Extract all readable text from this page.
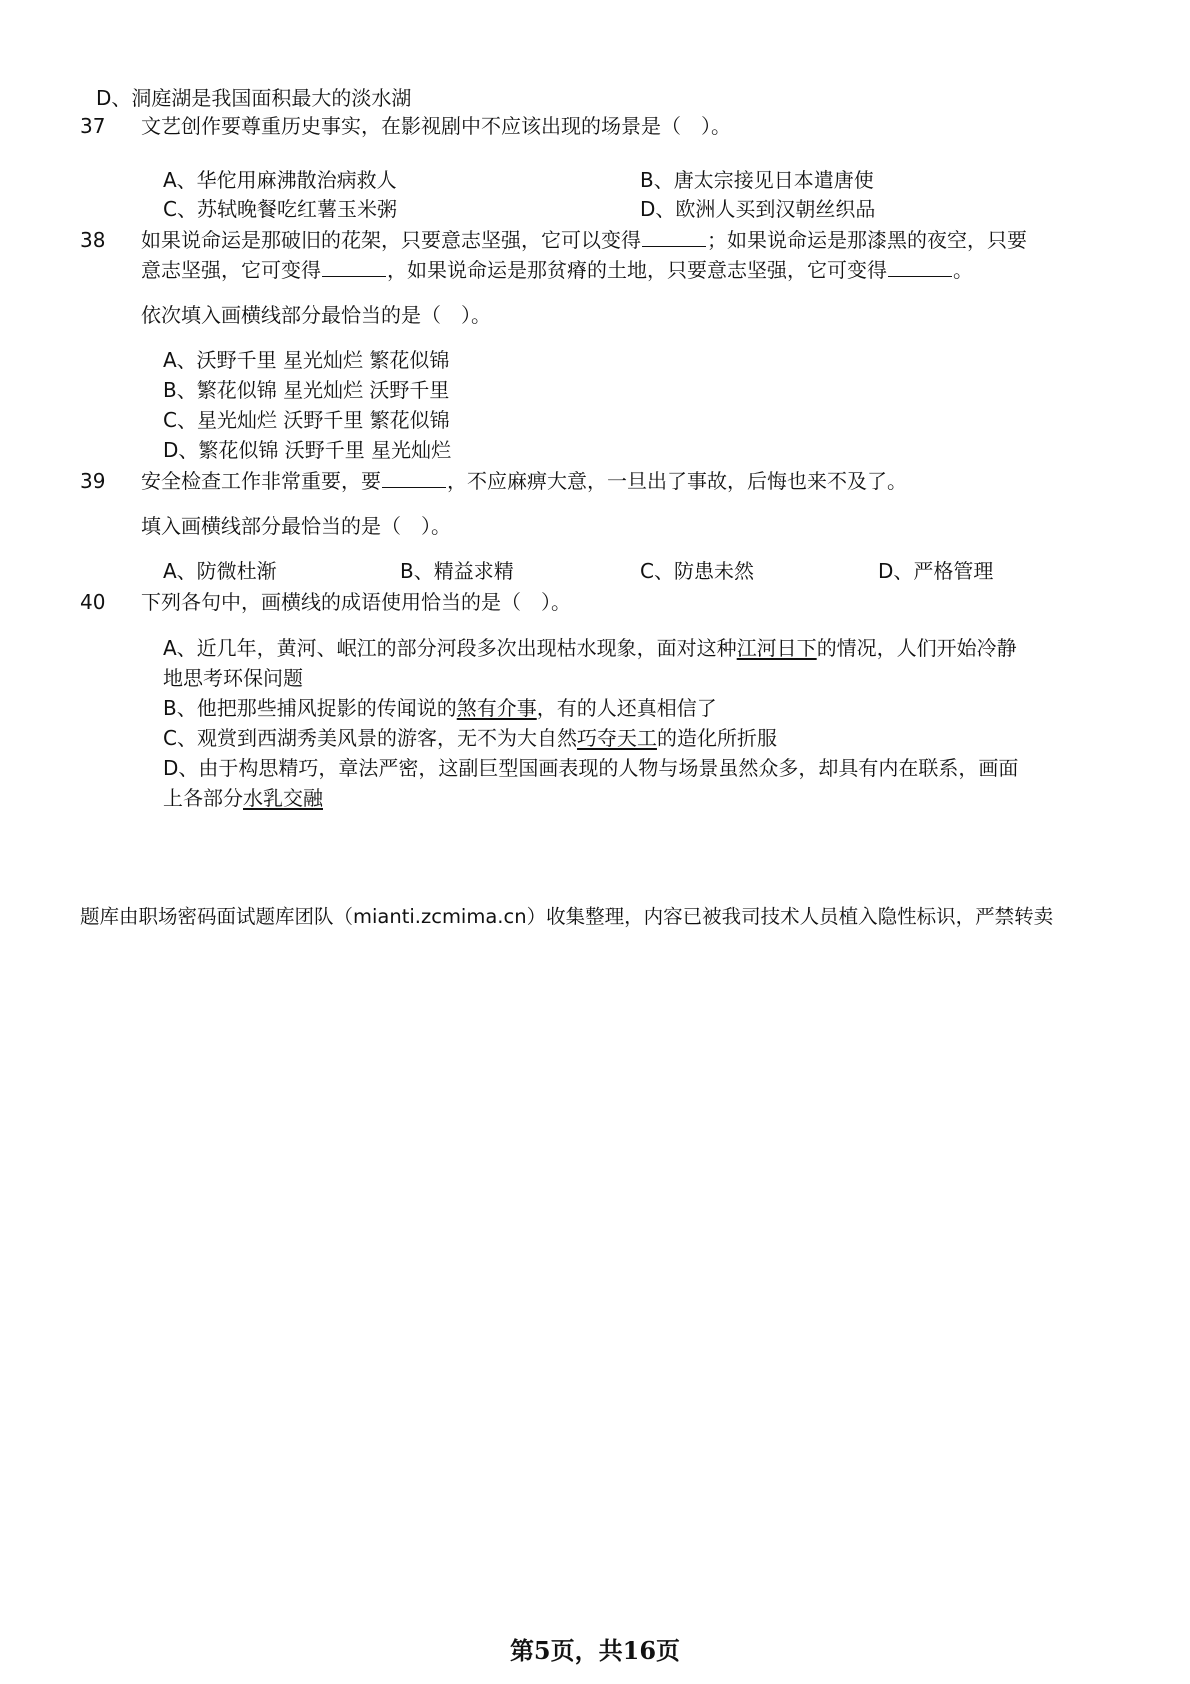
D、洞庭湖是我国面积最大的淡水湖
37	文艺创作要尊重历史事实，在影视剧中不应该出现的场景是（　）。
A、华佗用麻沸散治病救人	B、唐太宗接见日本遣唐使
C、苏轼晚餐吃红薯玉米粥	D、欧洲人买到汉朝丝织品
38	如果说命运是那破旧的花架，只要意志坚强，它可以变得	；如果说命运是那漆黑的夜空，只要
意志坚强，它可变得	，如果说命运是那贫瘠的土地，只要意志坚强，它可变得	。
依次填入画横线部分最恰当的是（　）。
A、沃野千里 星光灿烂 繁花似锦
B、繁花似锦 星光灿烂 沃野千里
C、星光灿烂 沃野千里 繁花似锦
D、繁花似锦 沃野千里 星光灿烂
39	安全检查工作非常重要，要	，不应麻痹大意，一旦出了事故，后悔也来不及了。
填入画横线部分最恰当的是（　）。
A、防微杜渐	B、精益求精	C、防患未然	D、严格管理
40	下列各句中，画横线的成语使用恰当的是（　）。
A、近几年，黄河、岷江的部分河段多次出现枯水现象，面对这种江河日下的情况，人们开始冷静
地思考环保问题
B、他把那些捕风捉影的传闻说的煞有介事，有的人还真相信了
C、观赏到西湖秀美风景的游客，无不为大自然巧夺天工的造化所折服
D、由于构思精巧，章法严密，这副巨型国画表现的人物与场景虽然众多，却具有内在联系，画面
上各部分水乳交融
题库由职场密码面试题库团队（mianti.zcmima.cn）收集整理，内容已被我司技术人员植入隐性标识，严禁转卖
第5页，共16页
